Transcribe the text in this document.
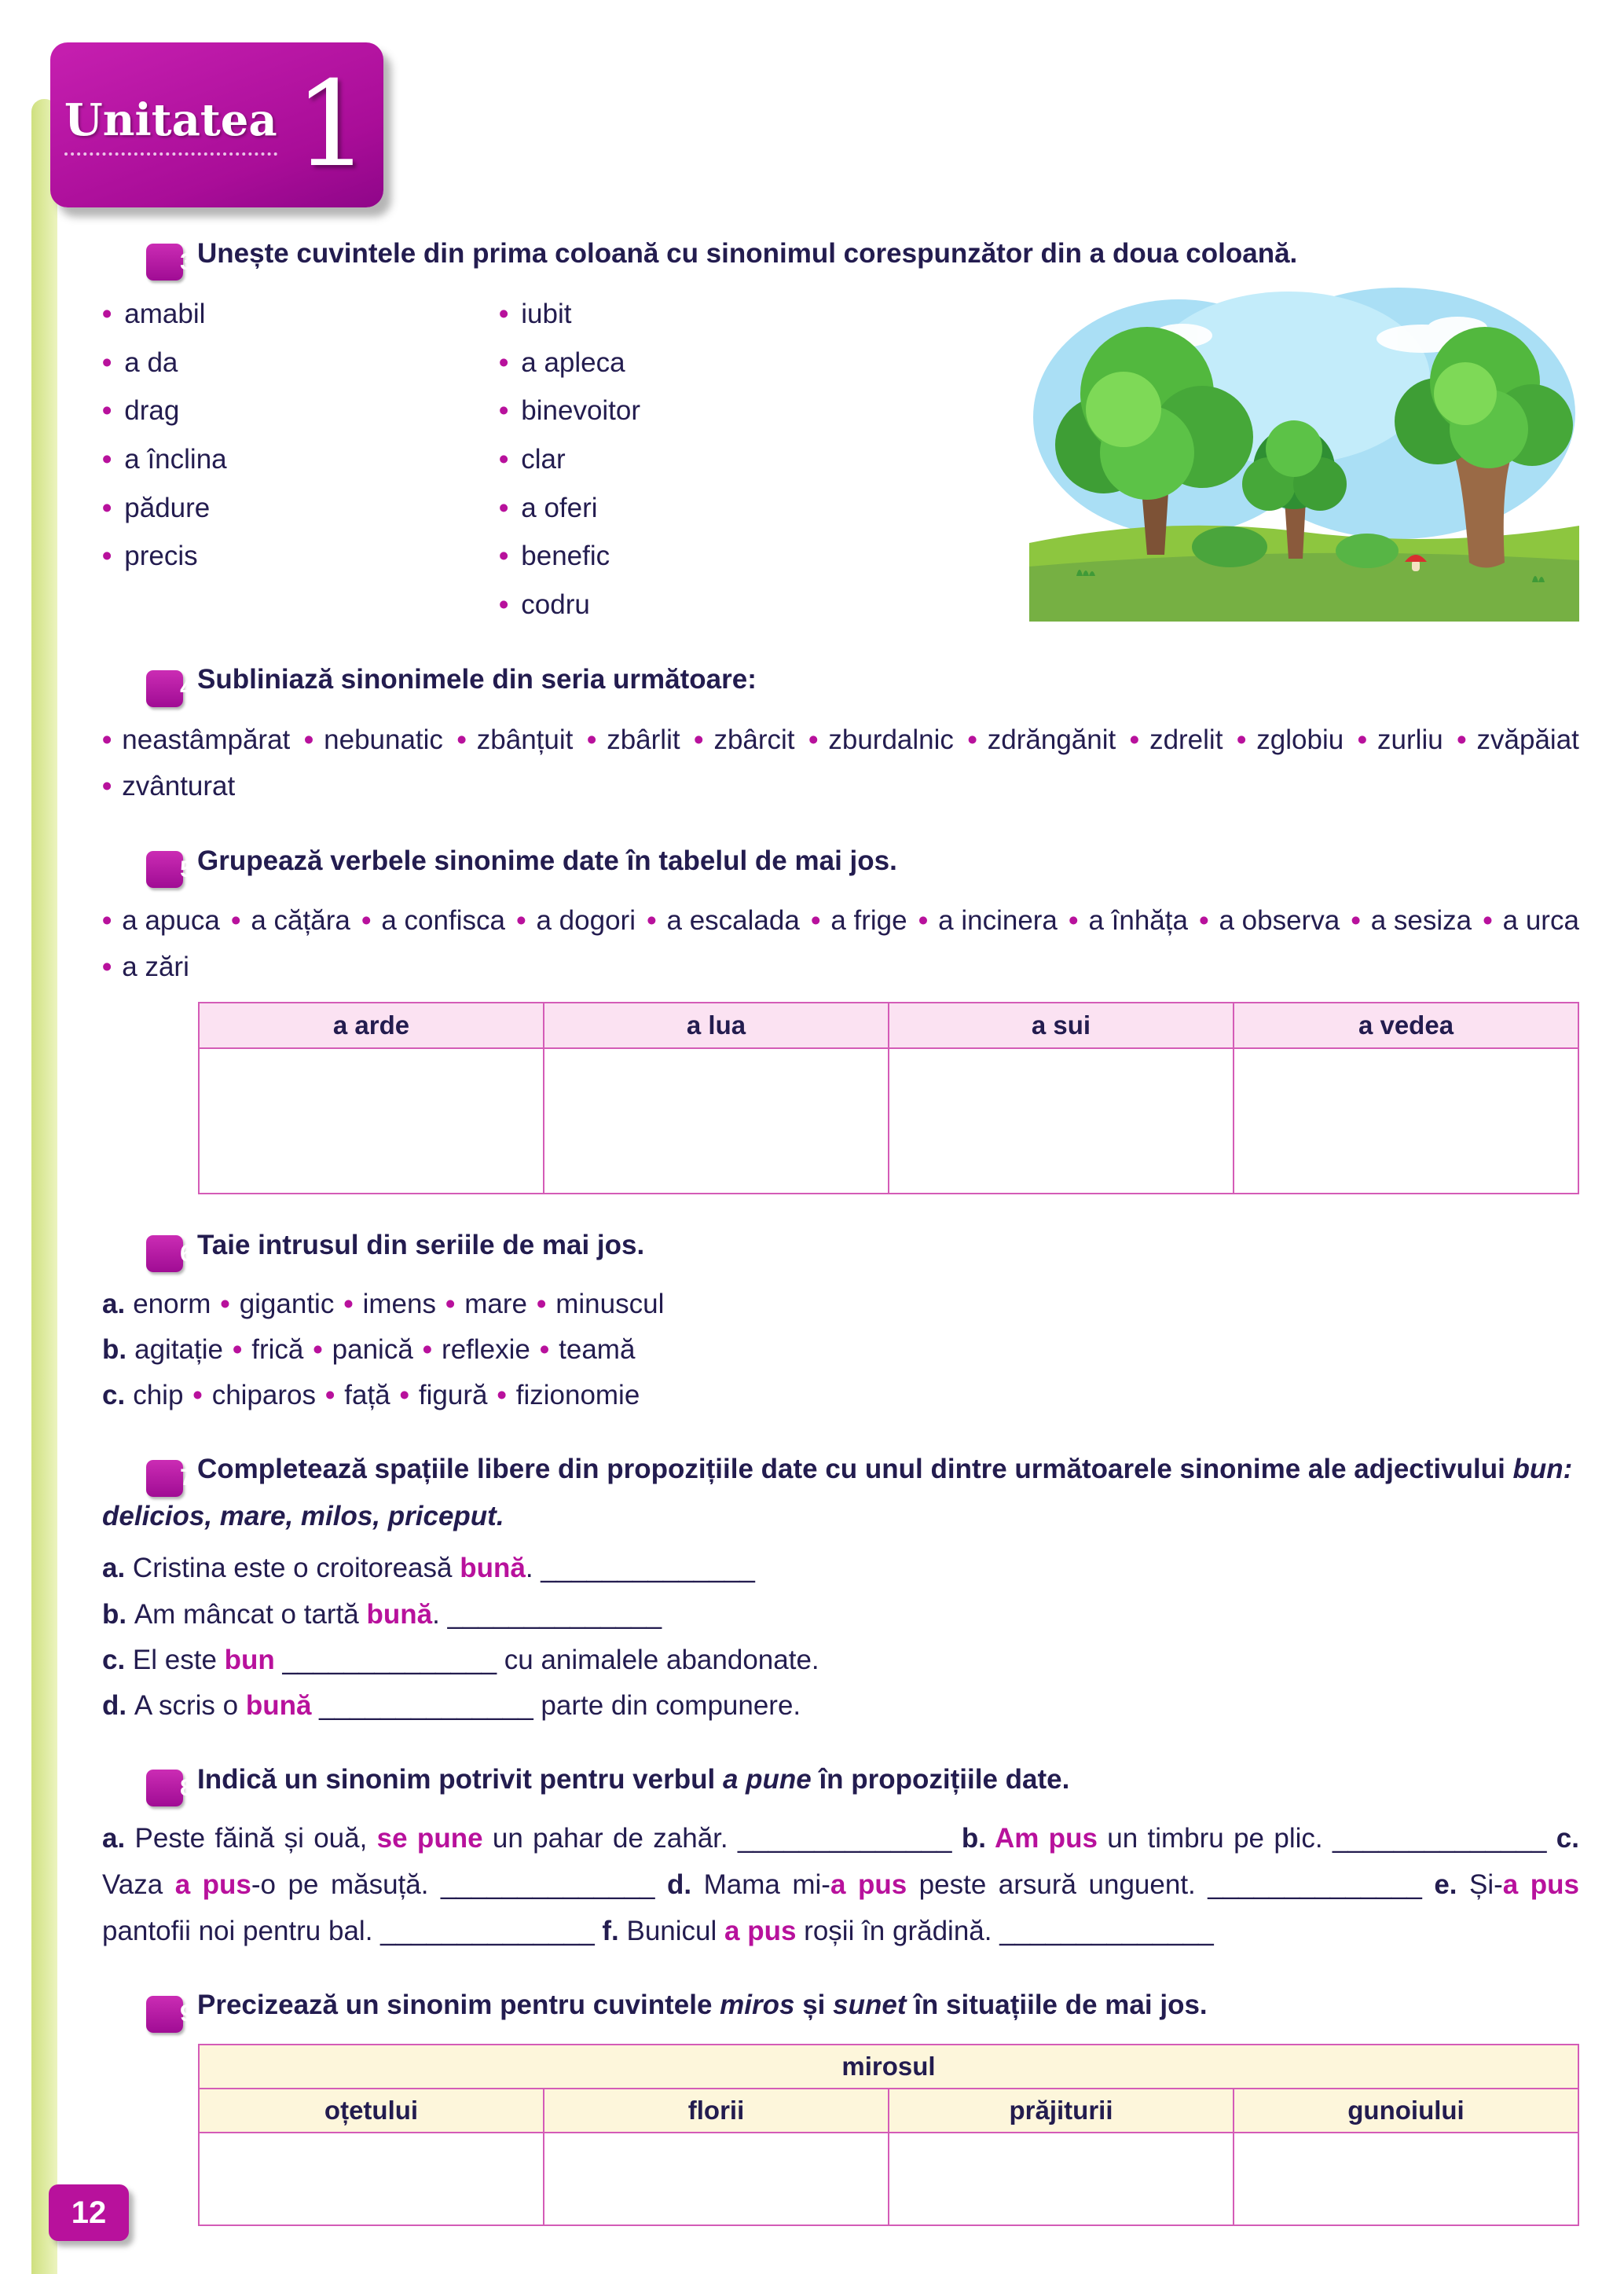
Unitatea 1
3 Unește cuvintele din prima coloană cu sinonimul corespunzător din a doua coloană.
• amabil
• a da
• drag
• a înclina
• pădure
• precis
• iubit
• a apleca
• binevoitor
• clar
• a oferi
• benefic
• codru
4 Subliniază sinonimele din seria următoare:

• neastâmpărat • nebunatic • zbânțuit • zbârlit • zbârcit • zburdalnic • zdrăngănit • zdrelit • zglobiu • zurliu • zvăpăiat • zvânturat

5 Grupează verbele sinonime date în tabelul de mai jos.

• a apuca • a cățăra • a confisca • a dogori • a escalada • a frige • a incinera • a înhăța • a observa • a sesiza • a urca • a zări

a arde	a lua	a sui	a vedea

6 Taie intrusul din seriile de mai jos.

a. enorm • gigantic • imens • mare • minuscul

b. agitație • frică • panică • reflexie • teamă

c. chip • chiparos • față • figură • fizionomie

7 Completează spațiile libere din propozițiile date cu unul dintre următoarele sinonime ale adjectivului bun: delicios, mare, milos, priceput.

a. Cristina este o croitoreasă bună. ______________

b. Am mâncat o tartă bună. ______________

c. El este bun ______________ cu animalele abandonate.

d. A scris o bună ______________ parte din compunere.

8 Indică un sinonim potrivit pentru verbul a pune în propozițiile date.

a. Peste făină și ouă, se pune un pahar de zahăr. ______________ b. Am pus un timbru pe plic. ______________ c. Vaza a pus-o pe măsuță. ______________ d. Mama mi-a pus peste arsură unguent. ______________ e. Și-a pus pantofii noi pentru bal. ______________ f. Bunicul a pus roșii în grădină. ______________

9 Precizează un sinonim pentru cuvintele miros și sunet în situațiile de mai jos.
mirosul			
oțetului	florii	prăjiturii	gunoiului

12
